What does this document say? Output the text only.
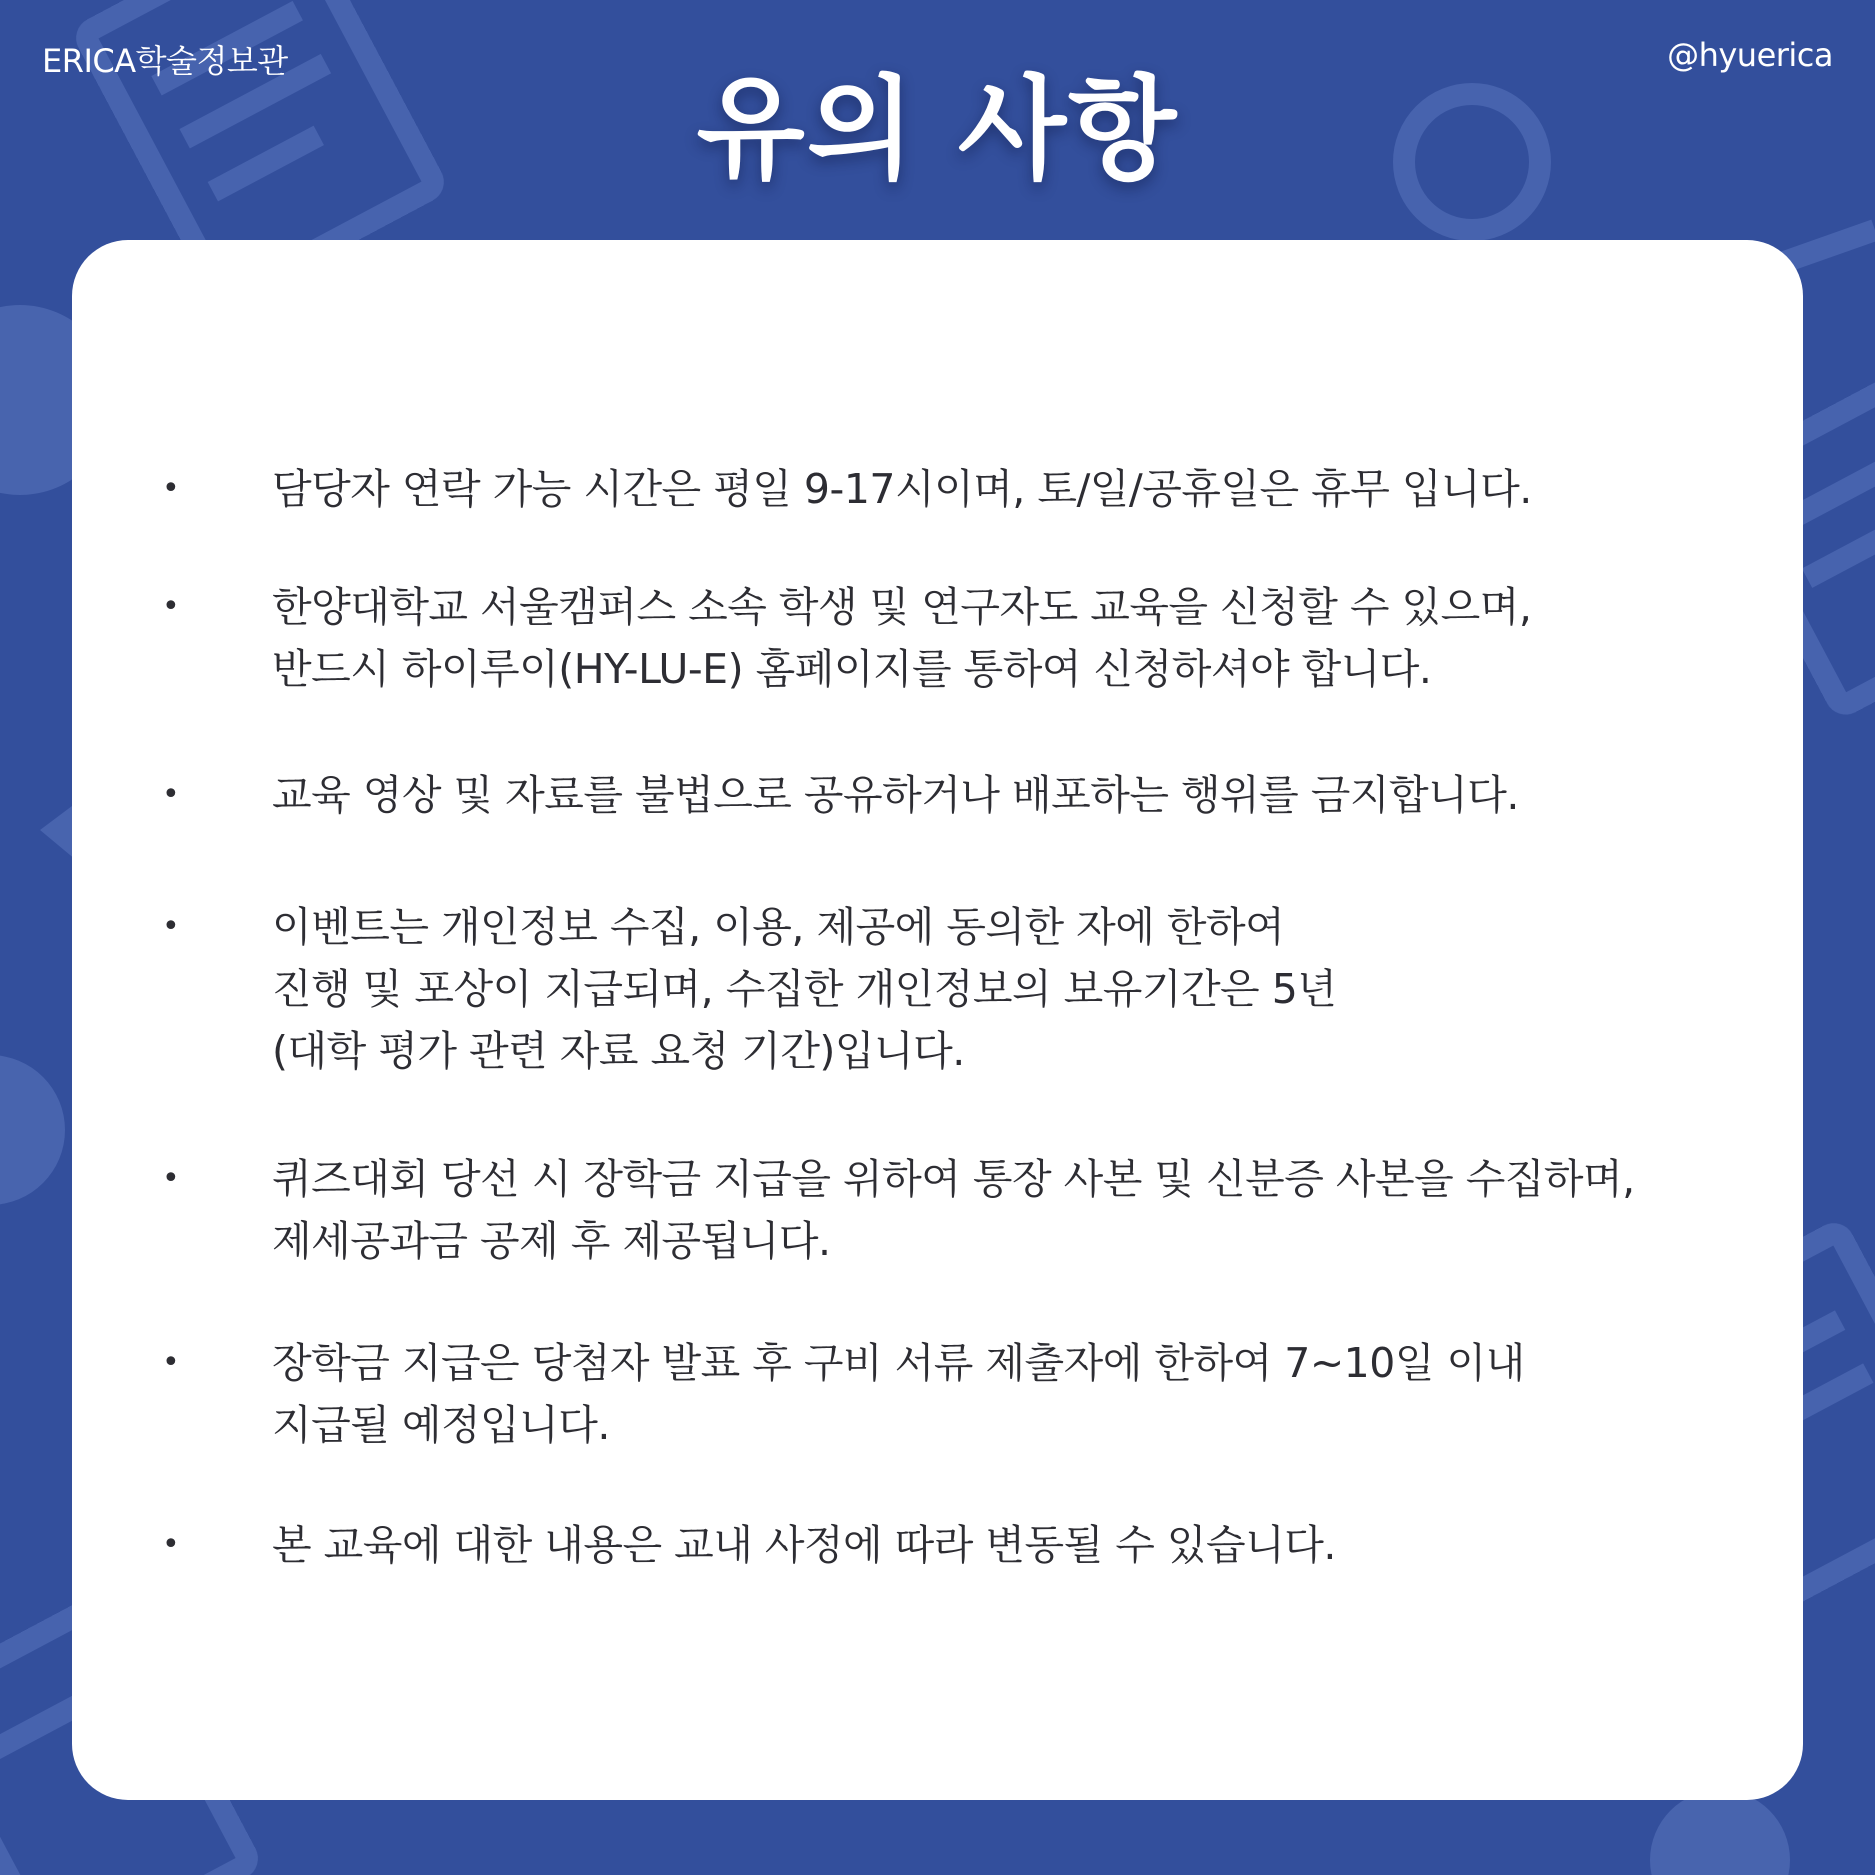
ERICA학술정보관	@hyuerica
유의 사항
•	담당자 연락 가능 시간은 평일 9-17시이며, 토/일/공휴일은 휴무 입니다.
•	한양대학교 서울캠퍼스 소속 학생 및 연구자도 교육을 신청할 수 있으며,
반드시 하이루이(HY-LU-E) 홈페이지를 통하여 신청하셔야 합니다.
•	교육 영상 및 자료를 불법으로 공유하거나 배포하는 행위를 금지합니다.
•	이벤트는 개인정보 수집, 이용, 제공에 동의한 자에 한하여
진행 및 포상이 지급되며, 수집한 개인정보의 보유기간은 5년
(대학 평가 관련 자료 요청 기간)입니다.
•	퀴즈대회 당선 시 장학금 지급을 위하여 통장 사본 및 신분증 사본을 수집하며,
제세공과금 공제 후 제공됩니다.
•	장학금 지급은 당첨자 발표 후 구비 서류 제출자에 한하여 7~10일 이내
지급될 예정입니다.
•	본 교육에 대한 내용은 교내 사정에 따라 변동될 수 있습니다.
